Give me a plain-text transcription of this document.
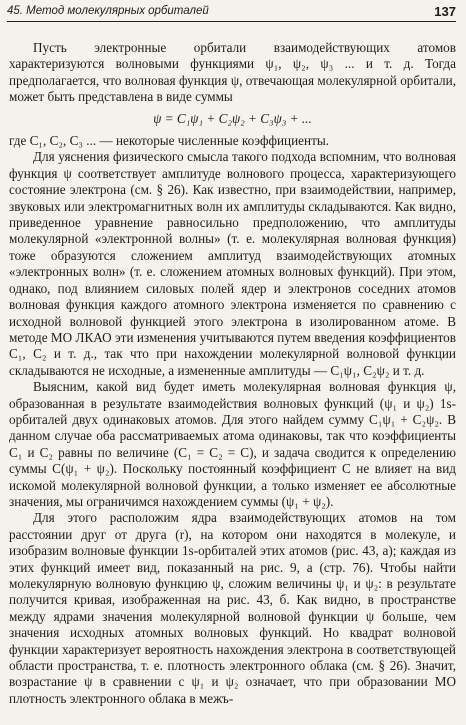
45. Метод молекулярных орбиталей	137

Пусть электронные орбитали взаимодействующих атомов характеризуются волновыми функциями ψ₁, ψ₂, ψ₃ ... и т. д. Тогда предполагается, что волновая функция ψ, отвечающая молекулярной орбитали, может быть представлена в виде суммы

ψ = C₁ψ₁ + C₂ψ₂ + C₃ψ₃ + ...

где C₁, C₂, C₃ ... — некоторые численные коэффициенты.

Для уяснения физического смысла такого подхода вспомним, что волновая функция ψ соответствует амплитуде волнового процесса, характеризующего состояние электрона (см. § 26). Как известно, при взаимодействии, например, звуковых или электромагнитных волн их амплитуды складываются. Как видно, приведенное уравнение равносильно предположению, что амплитуды молекулярной «электронной волны» (т. е. молекулярная волновая функция) тоже образуются сложением амплитуд взаимодействующих атомных «электронных волн» (т. е. сложением атомных волновых функций). При этом, однако, под влиянием силовых полей ядер и электронов соседних атомов волновая функция каждого атомного электрона изменяется по сравнению с исходной волновой функцией этого электрона в изолированном атоме. В методе МО ЛКАО эти изменения учитываются путем введения коэффициентов C₁, C₂ и т. д., так что при нахождении молекулярной волновой функции складываются не исходные, а измененные амплитуды — C₁ψ₁, C₂ψ₂ и т. д.

Выясним, какой вид будет иметь молекулярная волновая функция ψ, образованная в результате взаимодействия волновых функций (ψ₁ и ψ₂) 1s-орбиталей двух одинаковых атомов. Для этого найдем сумму C₁ψ₁ + C₂ψ₂. В данном случае оба рассматриваемых атома одинаковы, так что коэффициенты C₁ и C₂ равны по величине (C₁ = C₂ = C), и задача сводится к определению суммы C(ψ₁ + ψ₂). Поскольку постоянный коэффициент C не влияет на вид искомой молекулярной волновой функции, а только изменяет ее абсолютные значения, мы ограничимся нахождением суммы (ψ₁ + ψ₂).

Для этого расположим ядра взаимодействующих атомов на том расстоянии друг от друга (r), на котором они находятся в молекуле, и изобразим волновые функции 1s-орбиталей этих атомов (рис. 43, а); каждая из этих функций имеет вид, показанный на рис. 9, а (стр. 76). Чтобы найти молекулярную волновую функцию ψ, сложим величины ψ₁ и ψ₂: в результате получится кривая, изображенная на рис. 43, б. Как видно, в пространстве между ядрами значения молекулярной волновой функции ψ больше, чем значения исходных атомных волновых функций. Но квадрат волновой функции характеризует вероятность нахождения электрона в соответствующей области пространства, т. е. плотность электронного облака (см. § 26). Значит, возрастание ψ в сравнении с ψ₁ и ψ₂ означает, что при образовании МО плотность электронного облака в межъ-
